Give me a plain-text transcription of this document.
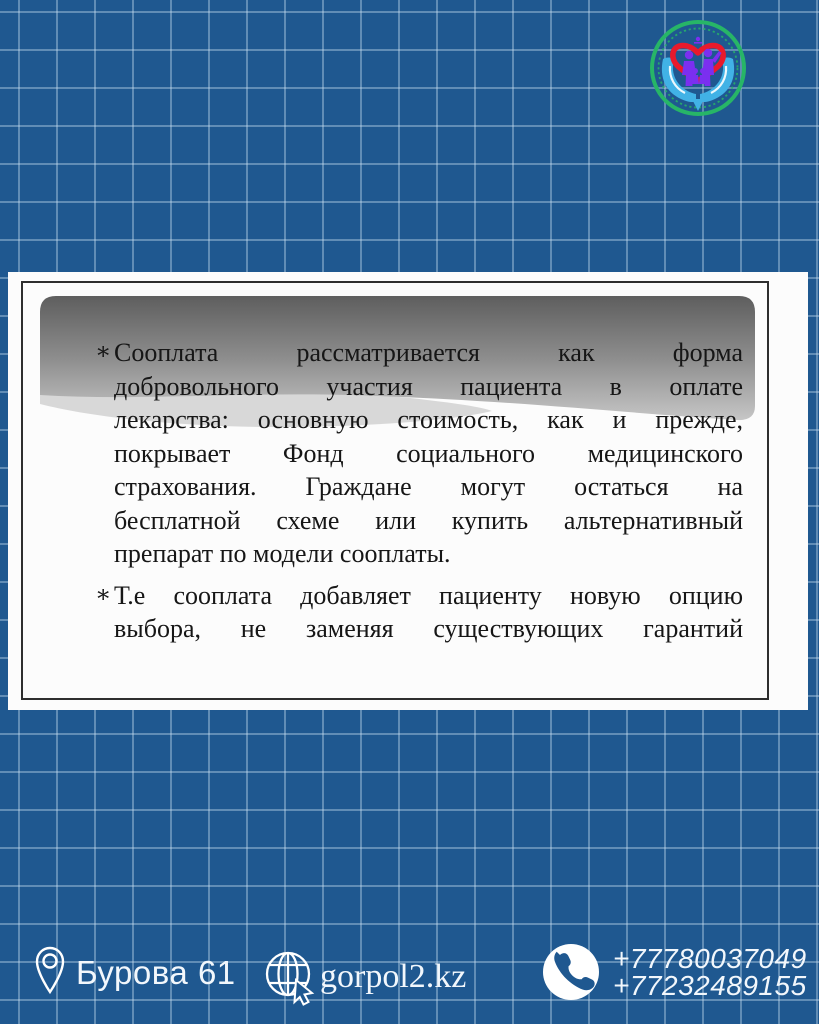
∗ Сооплата рассматривается как форма
добровольного участия пациента в оплате
лекарства: основную стоимость, как и прежде,
покрывает Фонд социального медицинского
страхования. Граждане могут остаться на
бесплатной схеме или купить альтернативный
препарат по модели сооплаты.
∗ Т.е сооплата добавляет пациенту новую опцию
выбора, не заменяя существующих гарантий
Бурова 61 gorpol2.kz	+77780037049
+77232489155
